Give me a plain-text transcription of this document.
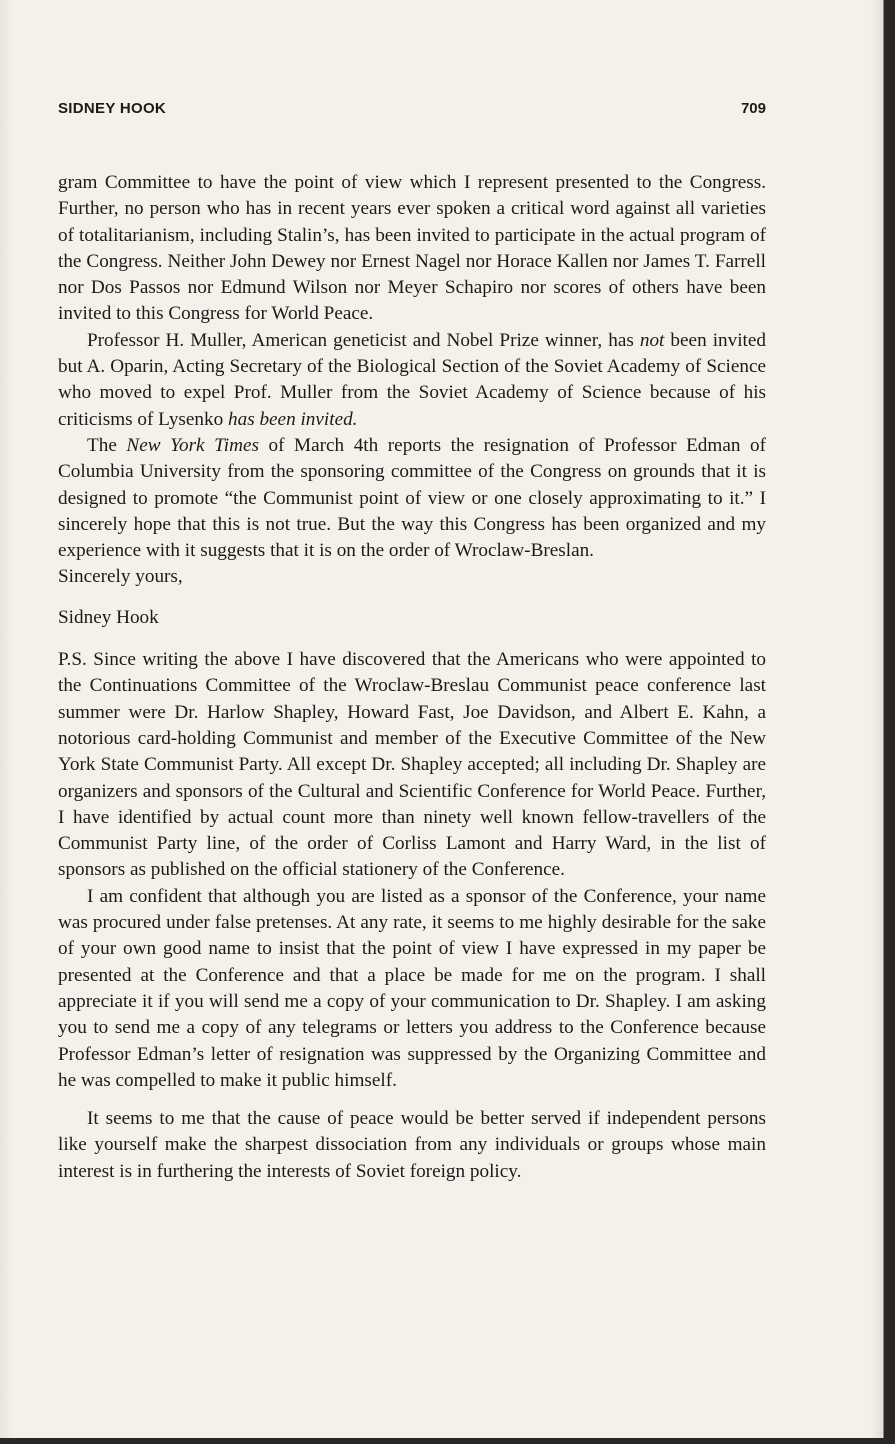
SIDNEY HOOK	709

gram Committee to have the point of view which I represent presented to the Congress. Further, no person who has in recent years ever spoken a critical word against all varieties of totalitarianism, including Stalin’s, has been invited to participate in the actual program of the Congress. Neither John Dewey nor Ernest Nagel nor Horace Kallen nor James T. Farrell nor Dos Passos nor Edmund Wilson nor Meyer Schapiro nor scores of others have been invited to this Congress for World Peace.

Professor H. Muller, American geneticist and Nobel Prize winner, has not been invited but A. Oparin, Acting Secretary of the Biological Section of the Soviet Academy of Science who moved to expel Prof. Muller from the Soviet Academy of Science because of his criticisms of Lysenko has been invited.

The New York Times of March 4th reports the resignation of Professor Edman of Columbia University from the sponsoring committee of the Congress on grounds that it is designed to promote “the Communist point of view or one closely approximating to it.” I sincerely hope that this is not true. But the way this Congress has been organized and my experience with it suggests that it is on the order of Wroclaw-Breslan.

Sincerely yours,

Sidney Hook

P.S. Since writing the above I have discovered that the Americans who were appointed to the Continuations Committee of the Wroclaw-Breslau Communist peace conference last summer were Dr. Harlow Shapley, Howard Fast, Joe Davidson, and Albert E. Kahn, a notorious card-holding Communist and member of the Executive Committee of the New York State Communist Party. All except Dr. Shapley accepted; all including Dr. Shapley are organizers and sponsors of the Cultural and Scientific Conference for World Peace. Further, I have identified by actual count more than ninety well known fellow-travellers of the Communist Party line, of the order of Corliss Lamont and Harry Ward, in the list of sponsors as published on the official stationery of the Conference.

I am confident that although you are listed as a sponsor of the Conference, your name was procured under false pretenses. At any rate, it seems to me highly desirable for the sake of your own good name to insist that the point of view I have expressed in my paper be presented at the Conference and that a place be made for me on the program. I shall appreciate it if you will send me a copy of your communication to Dr. Shapley. I am asking you to send me a copy of any telegrams or letters you address to the Conference because Professor Edman’s letter of resignation was suppressed by the Organizing Committee and he was compelled to make it public himself.

It seems to me that the cause of peace would be better served if independent persons like yourself make the sharpest dissociation from any individuals or groups whose main interest is in furthering the interests of Soviet foreign policy.
